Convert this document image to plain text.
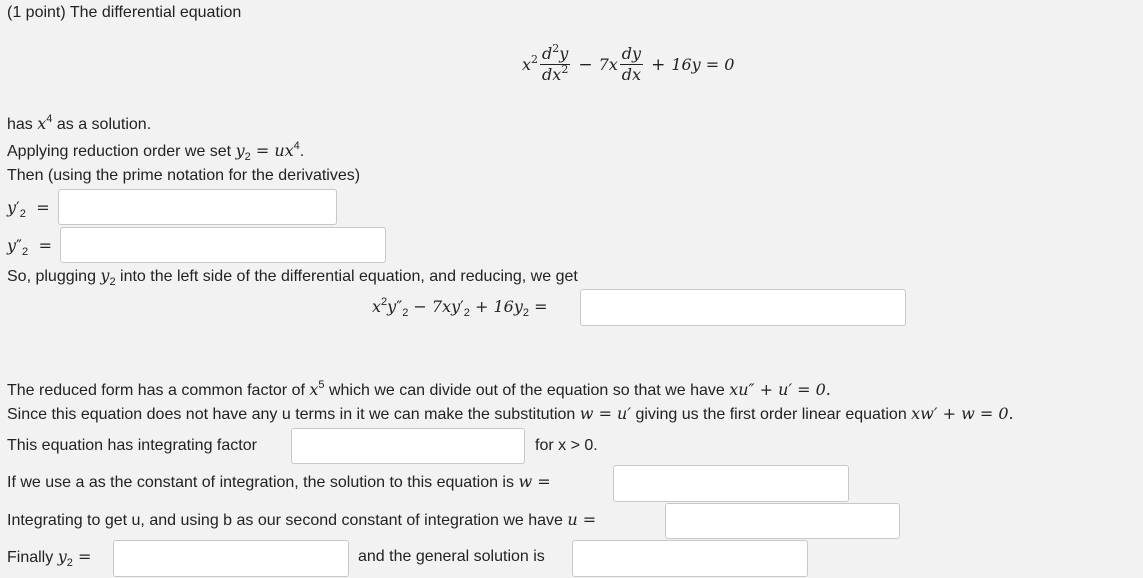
(1 point) The differential equation
$x^2 \frac{d^2y}{dx^2} - 7x \frac{dy}{dx} + 16y = 0$
has $x^4$ as a solution.
Applying reduction order we set $y_2 = ux^4$.
Then (using the prime notation for the derivatives)
$y'_2$ =
$y''_2$ =
So, plugging $y_2$ into the left side of the differential equation, and reducing, we get
$x^2y''_2 - 7xy'_2 + 16y_2$ =
The reduced form has a common factor of $x^5$ which we can divide out of the equation so that we have xu″ + u′ = 0.
Since this equation does not have any u terms in it we can make the substitution w = u′ giving us the first order linear equation xw′ + w = 0.
This equation has integrating factor	for x > 0.
If we use a as the constant of integration, the solution to this equation is w =
Integrating to get u, and using b as our second constant of integration we have u =
Finally $y_2$ =	and the general solution is
